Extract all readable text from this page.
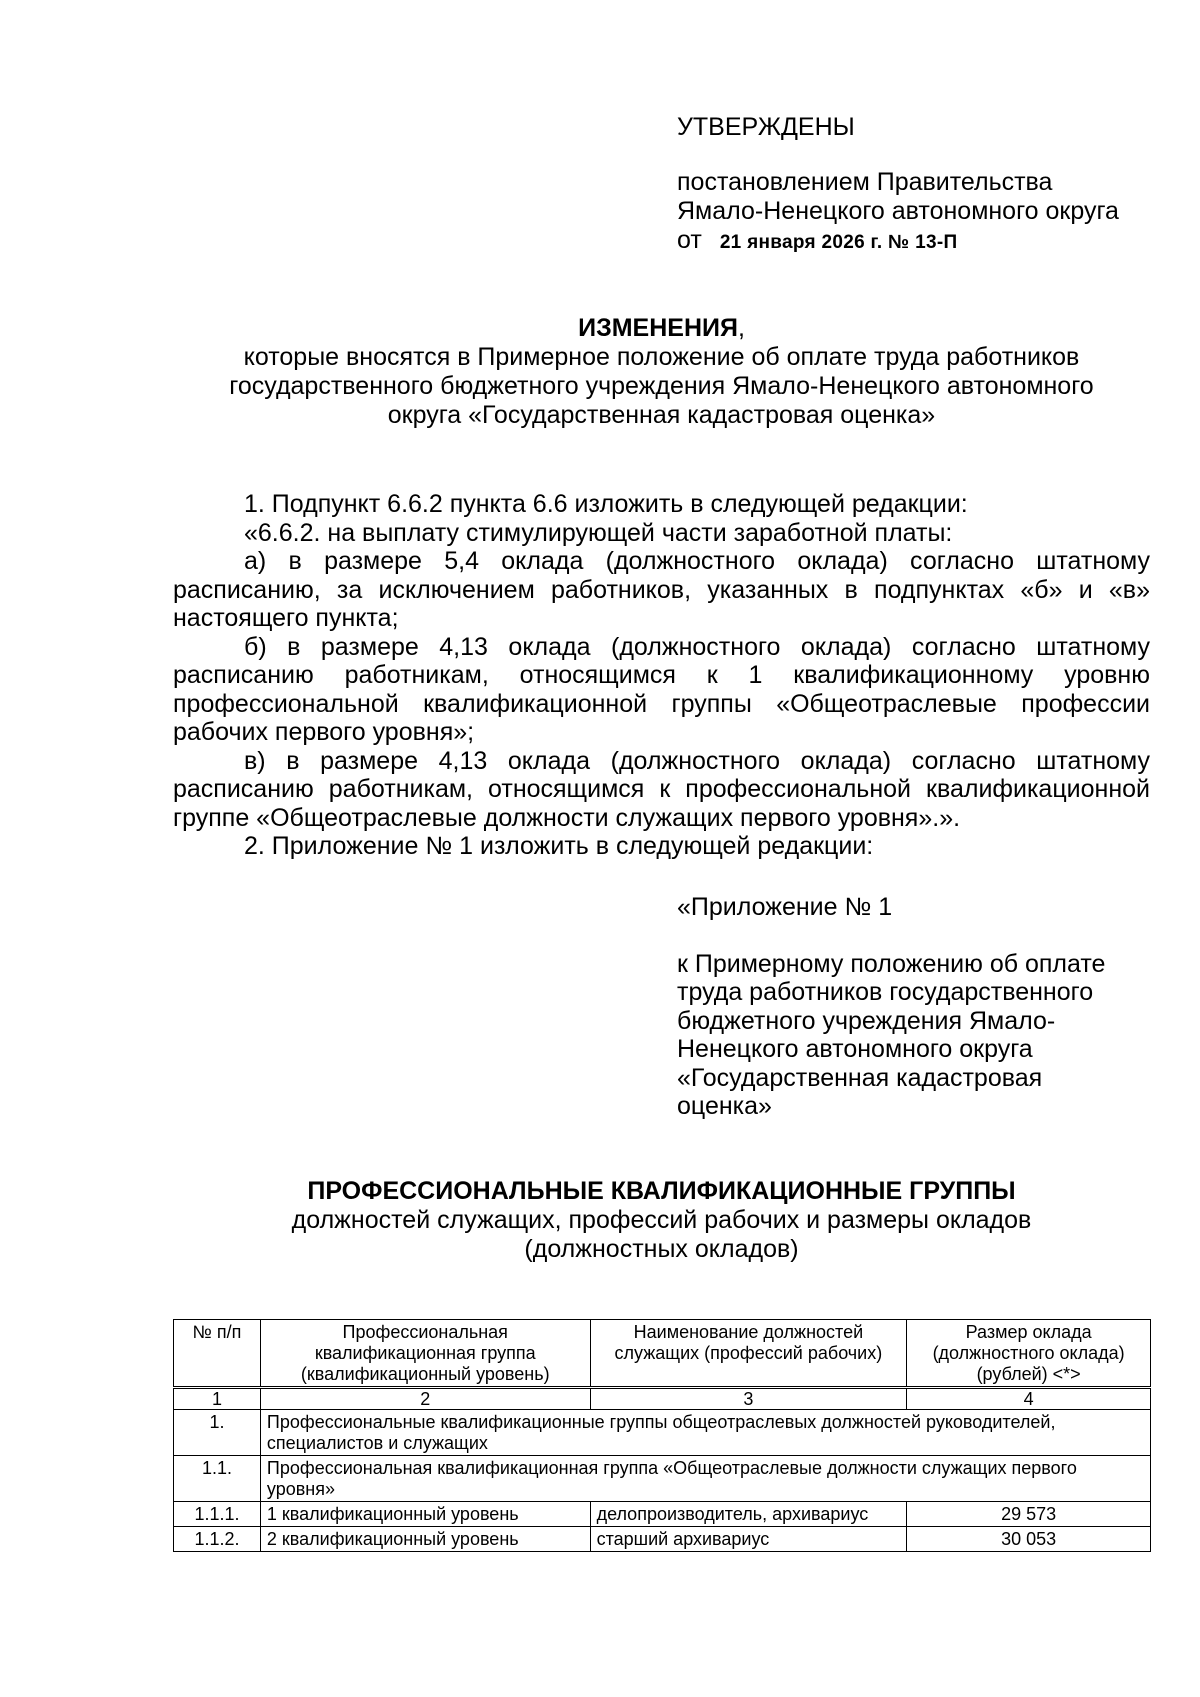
УТВЕРЖДЕНЫ
постановлением Правительства
Ямало-Ненецкого автономного округа
от 21 января 2026 г. № 13-П
ИЗМЕНЕНИЯ,
которые вносятся в Примерное положение об оплате труда работников
государственного бюджетного учреждения Ямало-Ненецкого автономного
округа «Государственная кадастровая оценка»

1. Подпункт 6.6.2 пункта 6.6 изложить в следующей редакции:

«6.6.2. на выплату стимулирующей части заработной платы:

а) в размере 5,4 оклада (должностного оклада) согласно штатному расписанию, за исключением работников, указанных в подпунктах «б» и «в» настоящего пункта;

б) в размере 4,13 оклада (должностного оклада) согласно штатному расписанию работникам, относящимся к 1 квалификационному уровню профессиональной квалификационной группы «Общеотраслевые профессии рабочих первого уровня»;

в) в размере 4,13 оклада (должностного оклада) согласно штатному расписанию работникам, относящимся к профессиональной квалификационной группе «Общеотраслевые должности служащих первого уровня».».

2. Приложение № 1 изложить в следующей редакции:

«Приложение № 1
к Примерному положению об оплате
труда работников государственного
бюджетного учреждения Ямало-
Ненецкого автономного округа
«Государственная кадастровая
оценка»
ПРОФЕССИОНАЛЬНЫЕ КВАЛИФИКАЦИОННЫЕ ГРУППЫ
должностей служащих, профессий рабочих и размеры окладов
(должностных окладов)
№ п/п	Профессиональная квалификационная группа (квалификационный уровень)	Наименование должностей служащих (профессий рабочих)	Размер оклада (должностного оклада) (рублей) <*>
1	2	3	4
1.	Профессиональные квалификационные группы общеотраслевых должностей руководителей, специалистов и служащих		
1.1.	Профессиональная квалификационная группа «Общеотраслевые должности служащих первого уровня»		
1.1.1.	1 квалификационный уровень	делопроизводитель, архивариус	29 573
1.1.2.	2 квалификационный уровень	старший архивариус	30 053
